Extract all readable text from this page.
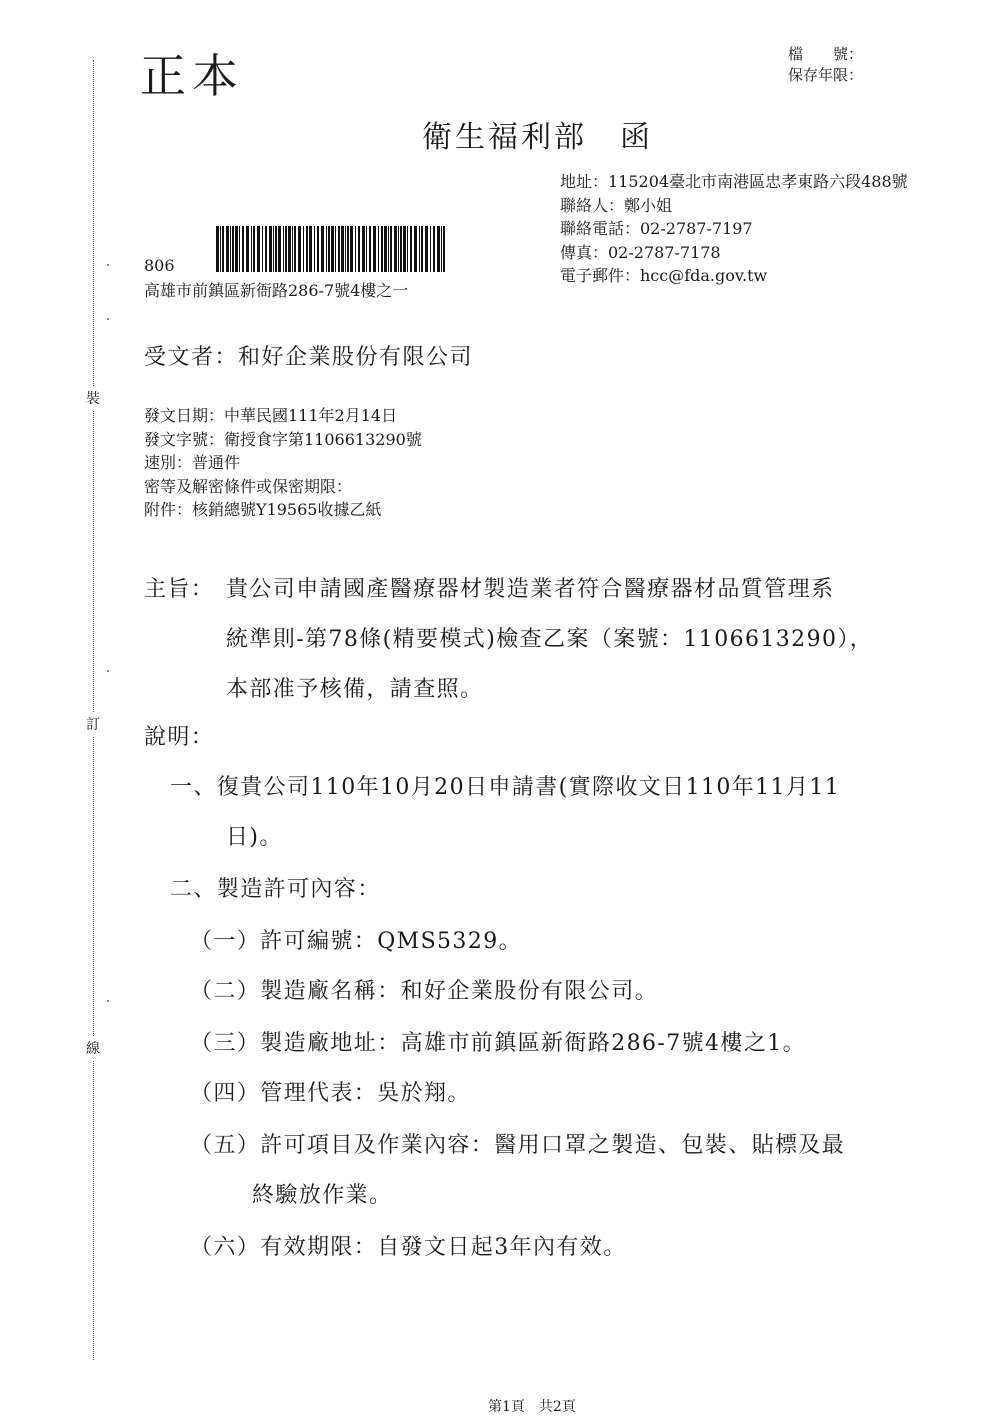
裝
訂
線
正本	檔　　號：
保存年限：
衛生福利部　函
地址：115204臺北市南港區忠孝東路六段488號
聯絡人：鄭小姐
聯絡電話：02-2787-7197
傳真：02-2787-7178
電子郵件：hcc@fda.gov.tw
806
高雄市前鎮區新衙路286-7號4樓之一
受文者：和好企業股份有限公司
發文日期：中華民國111年2月14日
發文字號：衛授食字第1106613290號
速別：普通件
密等及解密條件或保密期限：
附件：核銷總號Y19565收據乙紙
主旨： 貴公司申請國產醫療器材製造業者符合醫療器材品質管理系
統準則-第78條(精要模式)檢查乙案（案號：1106613290），
本部准予核備，請查照。
說明：
一、復貴公司110年10月20日申請書(實際收文日110年11月11
日)。
二、製造許可內容：
（一）許可編號：QMS5329。
（二）製造廠名稱：和好企業股份有限公司。
（三）製造廠地址：高雄市前鎮區新衙路286-7號4樓之1。
（四）管理代表：吳於翔。
（五）許可項目及作業內容：醫用口罩之製造、包裝、貼標及最
終驗放作業。
（六）有效期限：自發文日起3年內有效。
第1頁　共2頁
